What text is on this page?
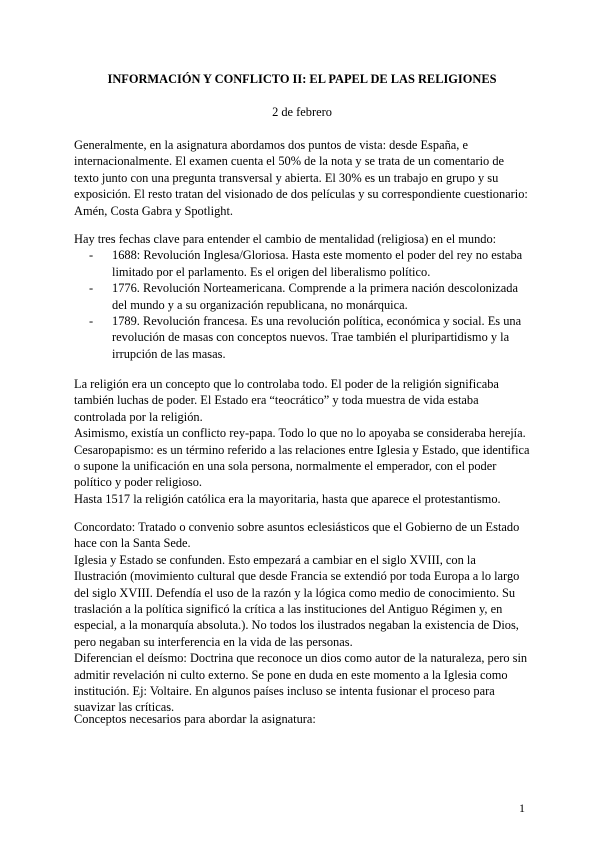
INFORMACIÓN Y CONFLICTO II: EL PAPEL DE LAS RELIGIONES
2 de febrero

Generalmente, en la asignatura abordamos dos puntos de vista: desde España, e internacionalmente. El examen cuenta el 50% de la nota y se trata de un comentario de texto junto con una pregunta transversal y abierta. El 30% es un trabajo en grupo y su exposición. El resto tratan del visionado de dos películas y su correspondiente cuestionario: Amén, Costa Gabra y Spotlight.

Hay tres fechas clave para entender el cambio de mentalidad (religiosa) en el mundo:

- 1688: Revolución Inglesa/Gloriosa. Hasta este momento el poder del rey no estaba limitado por el parlamento. Es el origen del liberalismo político.
- 1776. Revolución Norteamericana. Comprende a la primera nación descolonizada del mundo y a su organización republicana, no monárquica.
- 1789. Revolución francesa. Es una revolución política, económica y social. Es una revolución de masas con conceptos nuevos. Trae también el pluripartidismo y la irrupción de las masas.

La religión era un concepto que lo controlaba todo. El poder de la religión significaba también luchas de poder. El Estado era “teocrático” y toda muestra de vida estaba controlada por la religión.

Asimismo, existía un conflicto rey-papa. Todo lo que no lo apoyaba se consideraba herejía.

Cesaropapismo: es un término referido a las relaciones entre Iglesia y Estado, que identifica o supone la unificación en una sola persona, normalmente el emperador, con el poder político y poder religioso.

Hasta 1517 la religión católica era la mayoritaria, hasta que aparece el protestantismo.

Concordato: Tratado o convenio sobre asuntos eclesiásticos que el Gobierno de un Estado hace con la Santa Sede.

Iglesia y Estado se confunden. Esto empezará a cambiar en el siglo XVIII, con la Ilustración (movimiento cultural que desde Francia se extendió por toda Europa a lo largo del siglo XVIII. Defendía el uso de la razón y la lógica como medio de conocimiento. Su traslación a la política significó la crítica a las instituciones del Antiguo Régimen y, en especial, a la monarquía absoluta.). No todos los ilustrados negaban la existencia de Dios, pero negaban su interferencia en la vida de las personas.

Diferencian el deísmo: Doctrina que reconoce un dios como autor de la naturaleza, pero sin admitir revelación ni culto externo. Se pone en duda en este momento a la Iglesia como institución. Ej: Voltaire. En algunos países incluso se intenta fusionar el proceso para suavizar las críticas.

Conceptos necesarios para abordar la asignatura:

1
